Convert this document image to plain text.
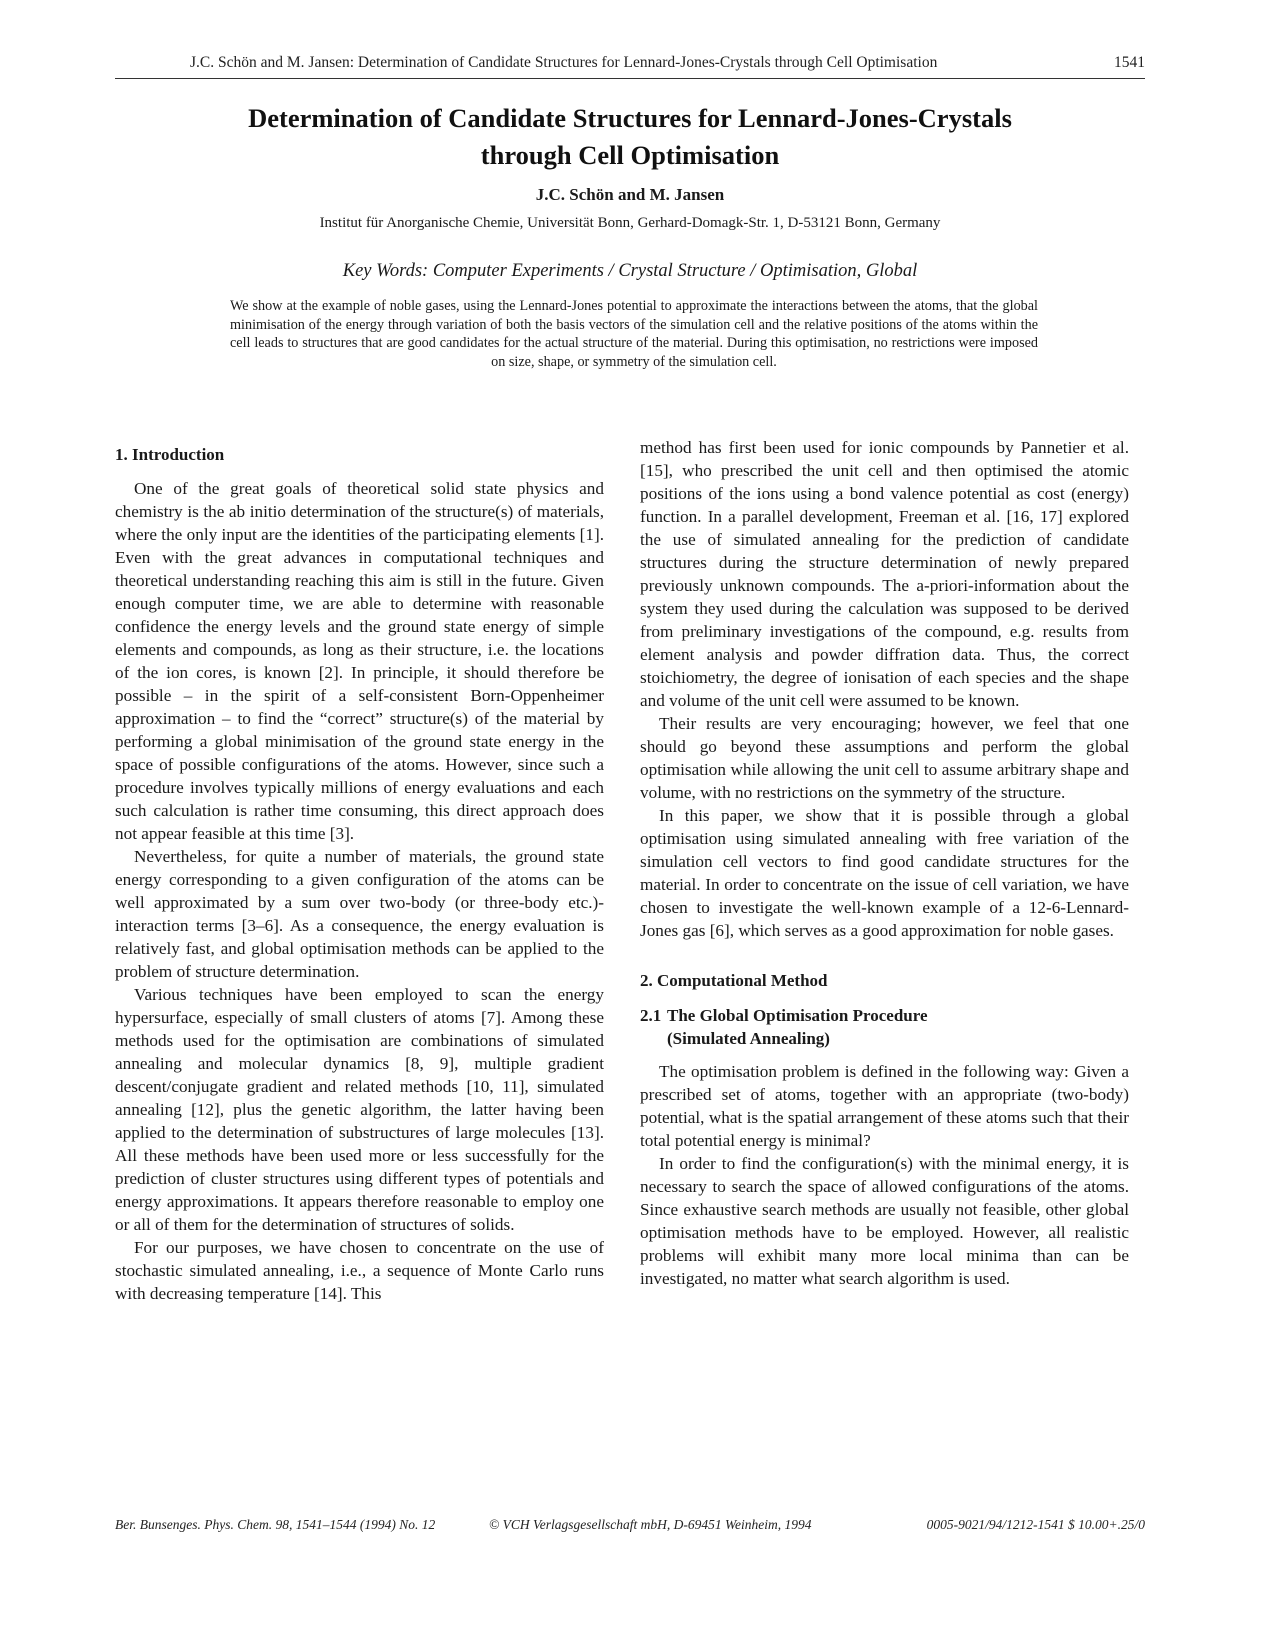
J.C. Schön and M. Jansen: Determination of Candidate Structures for Lennard-Jones-Crystals through Cell Optimisation	1541
Determination of Candidate Structures for Lennard-Jones-Crystals
through Cell Optimisation
J.C. Schön and M. Jansen
Institut für Anorganische Chemie, Universität Bonn, Gerhard-Domagk-Str. 1, D-53121 Bonn, Germany
Key Words: Computer Experiments / Crystal Structure / Optimisation, Global

We show at the example of noble gases, using the Lennard-Jones potential to approximate the interactions between the atoms, that the global minimisation of the energy through variation of both the basis vectors of the simulation cell and the relative positions of the atoms within the cell leads to structures that are good candidates for the actual structure of the material. During this optimisation, no restrictions were imposed on size, shape, or symmetry of the simulation cell.

1. Introduction

One of the great goals of theoretical solid state physics and chemistry is the ab initio determination of the structure(s) of materials, where the only input are the identities of the participating elements [1]. Even with the great advances in computational techniques and theoretical understanding reaching this aim is still in the future. Given enough computer time, we are able to determine with reasonable confidence the energy levels and the ground state energy of simple elements and compounds, as long as their structure, i.e. the locations of the ion cores, is known [2]. In principle, it should therefore be possible – in the spirit of a self-consistent Born-Oppenheimer approximation – to find the “correct” structure(s) of the material by performing a global minimisation of the ground state energy in the space of possible configurations of the atoms. However, since such a procedure involves typically millions of energy evaluations and each such calculation is rather time consuming, this direct approach does not appear feasible at this time [3].

Nevertheless, for quite a number of materials, the ground state energy corresponding to a given configuration of the atoms can be well approximated by a sum over two-body (or three-body etc.)-interaction terms [3–6]. As a consequence, the energy evaluation is relatively fast, and global optimisation methods can be applied to the problem of structure determination.

Various techniques have been employed to scan the energy hypersurface, especially of small clusters of atoms [7]. Among these methods used for the optimisation are combinations of simulated annealing and molecular dynamics [8, 9], multiple gradient descent/conjugate gradient and related methods [10, 11], simulated annealing [12], plus the genetic algorithm, the latter having been applied to the determination of substructures of large molecules [13]. All these methods have been used more or less successfully for the prediction of cluster structures using different types of potentials and energy approximations. It appears therefore reasonable to employ one or all of them for the determination of structures of solids.

For our purposes, we have chosen to concentrate on the use of stochastic simulated annealing, i.e., a sequence of Monte Carlo runs with decreasing temperature [14]. This

method has first been used for ionic compounds by Pannetier et al. [15], who prescribed the unit cell and then optimised the atomic positions of the ions using a bond valence potential as cost (energy) function. In a parallel development, Freeman et al. [16, 17] explored the use of simulated annealing for the prediction of candidate structures during the structure determination of newly prepared previously unknown compounds. The a-priori-information about the system they used during the calculation was supposed to be derived from preliminary investigations of the compound, e.g. results from element analysis and powder diffration data. Thus, the correct stoichiometry, the degree of ionisation of each species and the shape and volume of the unit cell were assumed to be known.

Their results are very encouraging; however, we feel that one should go beyond these assumptions and perform the global optimisation while allowing the unit cell to assume arbitrary shape and volume, with no restrictions on the symmetry of the structure.

In this paper, we show that it is possible through a global optimisation using simulated annealing with free variation of the simulation cell vectors to find good candidate structures for the material. In order to concentrate on the issue of cell variation, we have chosen to investigate the well-known example of a 12-6-Lennard-Jones gas [6], which serves as a good approximation for noble gases.

2. Computational Method
2.1 The Global Optimisation Procedure
(Simulated Annealing)

The optimisation problem is defined in the following way: Given a prescribed set of atoms, together with an appropriate (two-body) potential, what is the spatial arrangement of these atoms such that their total potential energy is minimal?

In order to find the configuration(s) with the minimal energy, it is necessary to search the space of allowed configurations of the atoms. Since exhaustive search methods are usually not feasible, other global optimisation methods have to be employed. However, all realistic problems will exhibit many more local minima than can be investigated, no matter what search algorithm is used.

Ber. Bunsenges. Phys. Chem. 98, 1541–1544 (1994) No. 12	© VCH Verlagsgesellschaft mbH, D-69451 Weinheim, 1994	0005-9021/94/1212-1541 $ 10.00+.25/0
